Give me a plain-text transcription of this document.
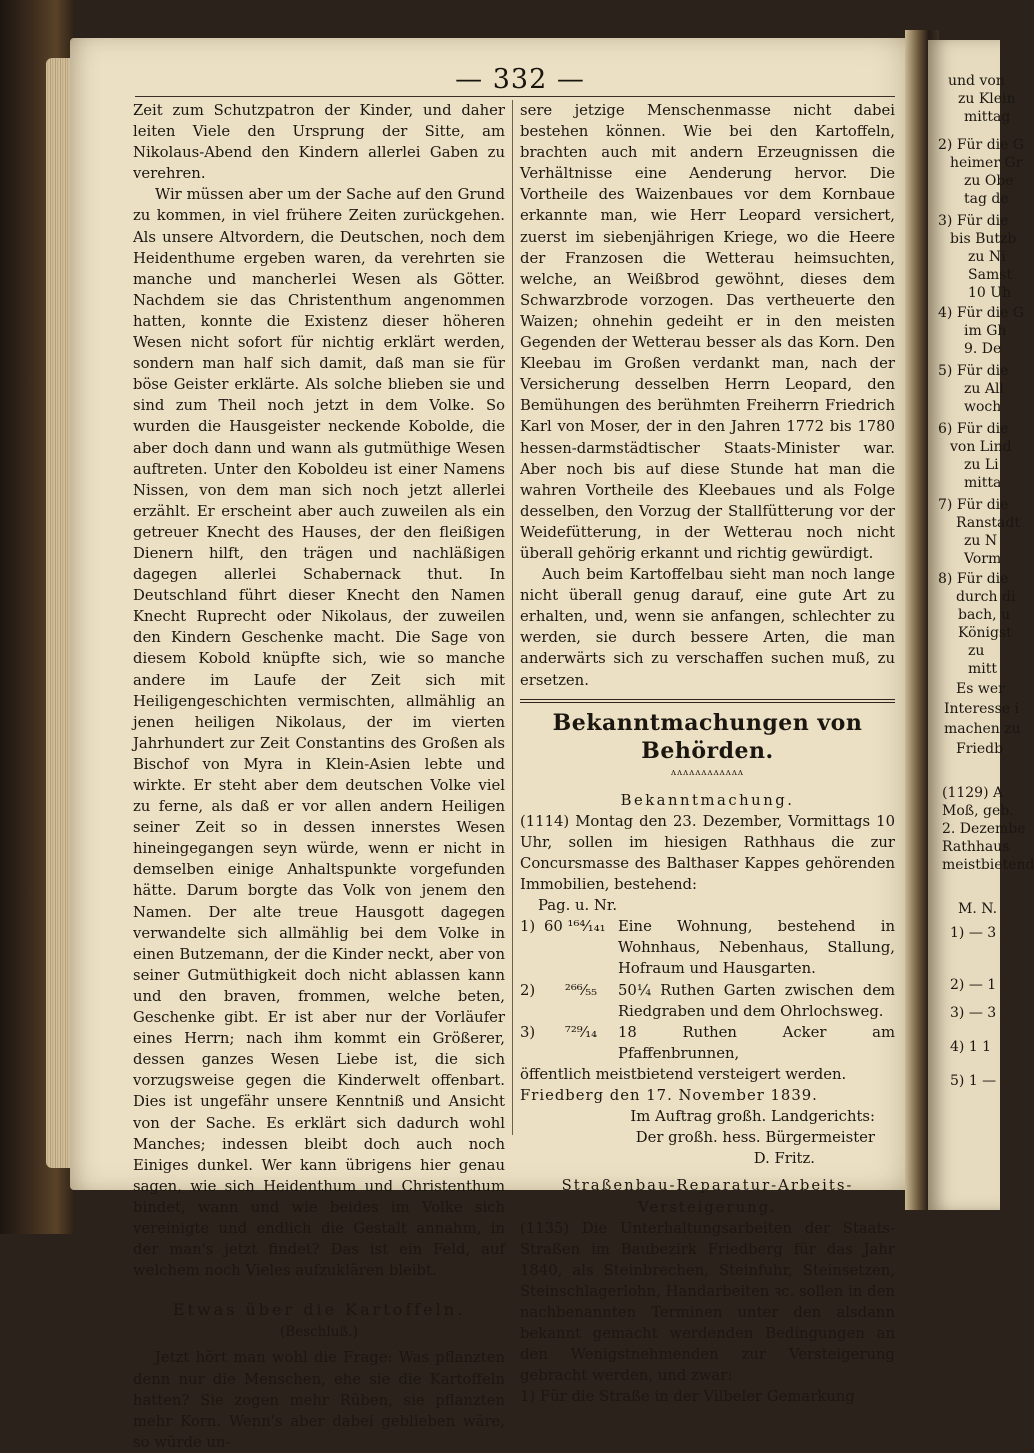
und von
zu Klein
mittag
2) Für die G
heimer Gr
zu Obe
tag de
3) Für die
bis Butzb
zu Ni
Samst
10 Uh
4) Für die G
im Gh
9. De
5) Für die
zu All
woch
6) Für die
von Lind
zu Li
mitta
7) Für die
Ranstadt
zu N
Vorm
8) Für die
durch di
bach, u
Königst
zu
mitt
Es wer
Interesse i
machen zu
Friedb
(1129) A
Moß, geb.
2. Dezembe
Rathhaus
meistbietend
M. N.
1) — 3
2) — 1
3) — 3
4) 1 1
5) 1 —
— 332 —

Zeit zum Schutzpatron der Kinder, und daher leiten Viele den Ursprung der Sitte, am Nikolaus-Abend den Kindern allerlei Gaben zu verehren.

Wir müssen aber um der Sache auf den Grund zu kommen, in viel frühere Zeiten zurückgehen. Als unsere Altvordern, die Deutschen, noch dem Heidenthume ergeben waren, da verehrten sie manche und mancherlei Wesen als Götter. Nachdem sie das Christenthum angenommen hatten, konnte die Existenz dieser höheren Wesen nicht sofort für nichtig erklärt werden, sondern man half sich damit, daß man sie für böse Geister erklärte. Als solche blieben sie und sind zum Theil noch jetzt in dem Volke. So wurden die Hausgeister neckende Kobolde, die aber doch dann und wann als gutmüthige Wesen auftreten. Unter den Koboldeu ist einer Namens Nissen, von dem man sich noch jetzt allerlei erzählt. Er erscheint aber auch zuweilen als ein getreuer Knecht des Hauses, der den fleißigen Dienern hilft, den trägen und nachläßigen dagegen allerlei Schabernack thut. In Deutschland führt dieser Knecht den Namen Knecht Ruprecht oder Nikolaus, der zuweilen den Kindern Geschenke macht. Die Sage von diesem Kobold knüpfte sich, wie so manche andere im Laufe der Zeit sich mit Heiligengeschichten vermischten, allmählig an jenen heiligen Nikolaus, der im vierten Jahrhundert zur Zeit Constantins des Großen als Bischof von Myra in Klein-Asien lebte und wirkte. Er steht aber dem deutschen Volke viel zu ferne, als daß er vor allen andern Heiligen seiner Zeit so in dessen innerstes Wesen hineingegangen seyn würde, wenn er nicht in demselben einige Anhaltspunkte vorgefunden hätte. Darum borgte das Volk von jenem den Namen. Der alte treue Hausgott dagegen verwandelte sich allmählig bei dem Volke in einen Butzemann, der die Kinder neckt, aber von seiner Gutmüthigkeit doch nicht ablassen kann und den braven, frommen, welche beten, Geschenke gibt. Er ist aber nur der Vorläufer eines Herrn; nach ihm kommt ein Größerer, dessen ganzes Wesen Liebe ist, die sich vorzugsweise gegen die Kinderwelt offenbart. Dies ist ungefähr unsere Kenntniß und Ansicht von der Sache. Es erklärt sich dadurch wohl Manches; indessen bleibt doch auch noch Einiges dunkel. Wer kann übrigens hier genau sagen, wie sich Heidenthum und Christenthum bindet, wann und wie beides im Volke sich vereinigte und endlich die Gestalt annahm, in der man's jetzt findet? Das ist ein Feld, auf welchem noch Vieles aufzuklären bleibt.

Etwas über die Kartoffeln.
(Beschluß.)

Jetzt hört man wohl die Frage: Was pflanzten denn nur die Menschen, ehe sie die Kartoffeln hatten? Sie zogen mehr Rüben, sie pflanzten mehr Korn. Wenn's aber dabei geblieben wäre, so würde un-

sere jetzige Menschenmasse nicht dabei bestehen können. Wie bei den Kartoffeln, brachten auch mit andern Erzeugnissen die Verhältnisse eine Aenderung hervor. Die Vortheile des Waizenbaues vor dem Kornbaue erkannte man, wie Herr Leopard versichert, zuerst im siebenjährigen Kriege, wo die Heere der Franzosen die Wetterau heimsuchten, welche, an Weißbrod gewöhnt, dieses dem Schwarzbrode vorzogen. Das vertheuerte den Waizen; ohnehin gedeiht er in den meisten Gegenden der Wetterau besser als das Korn. Den Kleebau im Großen verdankt man, nach der Versicherung desselben Herrn Leopard, den Bemühungen des berühmten Freiherrn Friedrich Karl von Moser, der in den Jahren 1772 bis 1780 hessen-darmstädtischer Staats-Minister war. Aber noch bis auf diese Stunde hat man die wahren Vortheile des Kleebaues und als Folge desselben, den Vorzug der Stallfütterung vor der Weidefütterung, in der Wetterau noch nicht überall gehörig erkannt und richtig gewürdigt.

Auch beim Kartoffelbau sieht man noch lange nicht überall genug darauf, eine gute Art zu erhalten, und, wenn sie anfangen, schlechter zu werden, sie durch bessere Arten, die man anderwärts sich zu verschaffen suchen muß, zu ersetzen.

Bekanntmachungen von Behörden.
ʌʌʌʌʌʌʌʌʌʌʌʌ
Bekanntmachung.

(1114) Montag den 23. Dezember, Vormittags 10 Uhr, sollen im hiesigen Rathhaus die zur Concursmasse des Balthaser Kappes gehörenden Immobilien, bestehend:

Pag. u. Nr.
1) 60 ¹⁶⁴⁄₁₄₁ Eine Wohnung, bestehend in Wohnhaus, Nebenhaus, Stallung, Hofraum und Hausgarten.
2)	²⁶⁶⁄₅₅	50¼ Ruthen Garten zwischen dem Riedgraben und dem Ohrlochsweg.
3)	⁷²⁹⁄₁₄	18 Ruthen Acker am Pfaffenbrunnen,

öffentlich meistbietend versteigert werden.

Friedberg den 17. November 1839.

Im Auftrag großh. Landgerichts:
Der großh. hess. Bürgermeister
D. Fritz.
Straßenbau-Reparatur-Arbeits-Versteigerung.

(1135) Die Unterhaltungsarbeiten der Staats-Straßen im Baubezirk Friedberg für das Jahr 1840, als Steinbrechen, Steinfuhr, Steinsetzen, Steinschlagerlohn, Handarbeiten ꝛc. sollen in den nachbenannten Terminen unter den alsdann bekannt gemacht werdenden Bedingungen an den Wenigstnehmenden zur Versteigerung gebracht werden, und zwar:

1) Für die Straße in der Vilbeler Gemarkung
